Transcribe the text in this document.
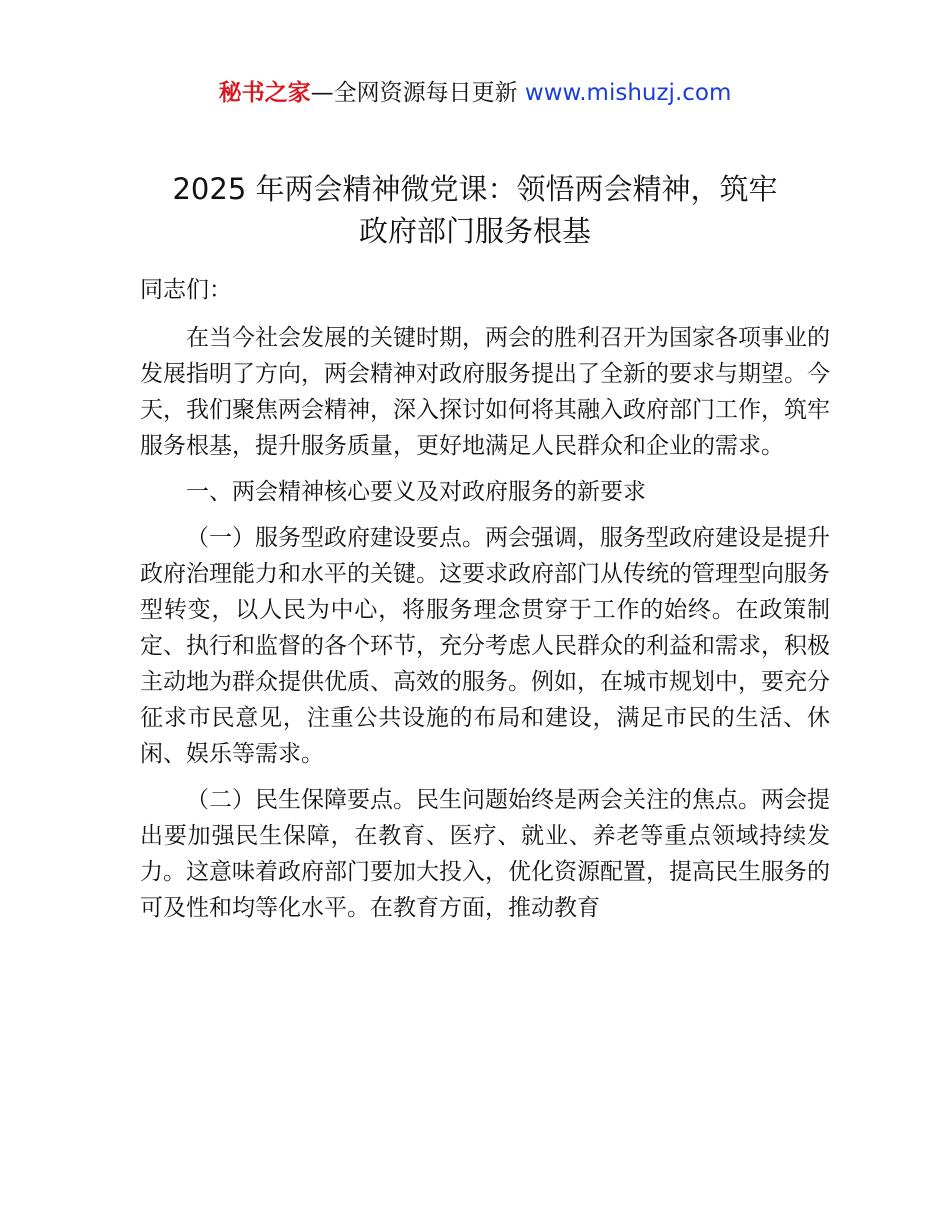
秘书之家—全网资源每日更新 www.mishuzj.com
2025 年两会精神微党课：领悟两会精神，筑牢
政府部门服务根基

同志们：

在当今社会发展的关键时期，两会的胜利召开为国家各项事业的发展指明了方向，两会精神对政府服务提出了全新的要求与期望。今天，我们聚焦两会精神，深入探讨如何将其融入政府部门工作，筑牢服务根基，提升服务质量，更好地满足人民群众和企业的需求。

一、两会精神核心要义及对政府服务的新要求

（一）服务型政府建设要点。两会强调，服务型政府建设是提升政府治理能力和水平的关键。这要求政府部门从传统的管理型向服务型转变，以人民为中心，将服务理念贯穿于工作的始终。在政策制定、执行和监督的各个环节，充分考虑人民群众的利益和需求，积极主动地为群众提供优质、高效的服务。例如，在城市规划中，要充分征求市民意见，注重公共设施的布局和建设，满足市民的生活、休闲、娱乐等需求。

（二）民生保障要点。民生问题始终是两会关注的焦点。两会提出要加强民生保障，在教育、医疗、就业、养老等重点领域持续发力。这意味着政府部门要加大投入，优化资源配置，提高民生服务的可及性和均等化水平。在教育方面，推动教育
